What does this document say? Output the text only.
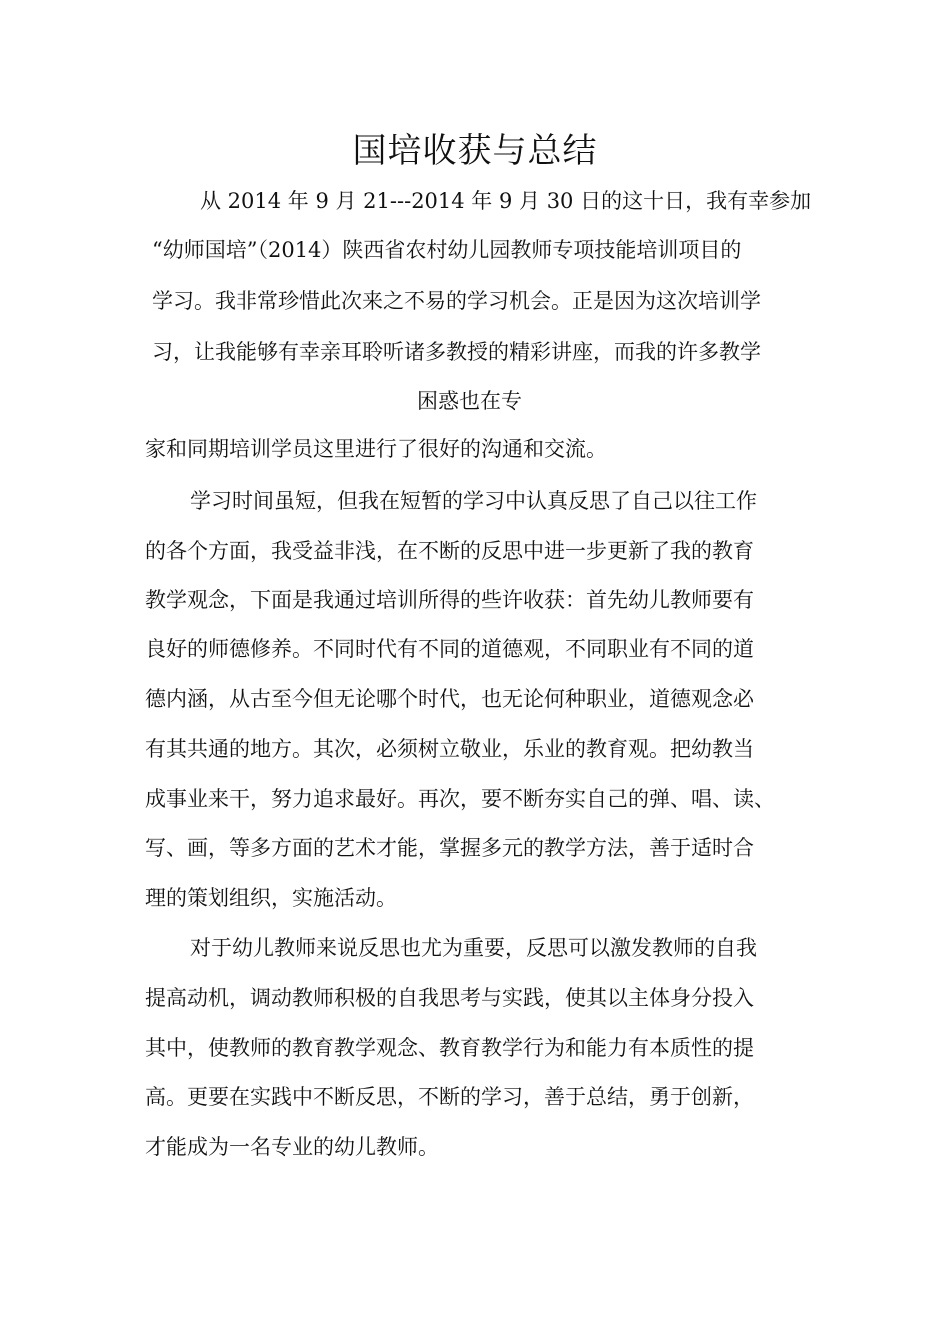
国培收获与总结
从 2014 年 9 月 21---2014 年 9 月 30 日的这十日，我有幸参加
“幼师国培”（2014）陕西省农村幼儿园教师专项技能培训项目的
学习。我非常珍惜此次来之不易的学习机会。正是因为这次培训学
习，让我能够有幸亲耳聆听诸多教授的精彩讲座，而我的许多教学
困惑也在专
家和同期培训学员这里进行了很好的沟通和交流。
学习时间虽短，但我在短暂的学习中认真反思了自己以往工作
的各个方面，我受益非浅，在不断的反思中进一步更新了我的教育
教学观念，下面是我通过培训所得的些许收获：首先幼儿教师要有
良好的师德修养。不同时代有不同的道德观，不同职业有不同的道
德内涵，从古至今但无论哪个时代，也无论何种职业，道德观念必
有其共通的地方。其次，必须树立敬业，乐业的教育观。把幼教当
成事业来干，努力追求最好。再次，要不断夯实自己的弹、唱、读、
写、画，等多方面的艺术才能，掌握多元的教学方法，善于适时合
理的策划组织，实施活动。
对于幼儿教师来说反思也尤为重要，反思可以激发教师的自我
提高动机，调动教师积极的自我思考与实践，使其以主体身分投入
其中，使教师的教育教学观念、教育教学行为和能力有本质性的提
高。更要在实践中不断反思，不断的学习，善于总结，勇于创新，
才能成为一名专业的幼儿教师。
